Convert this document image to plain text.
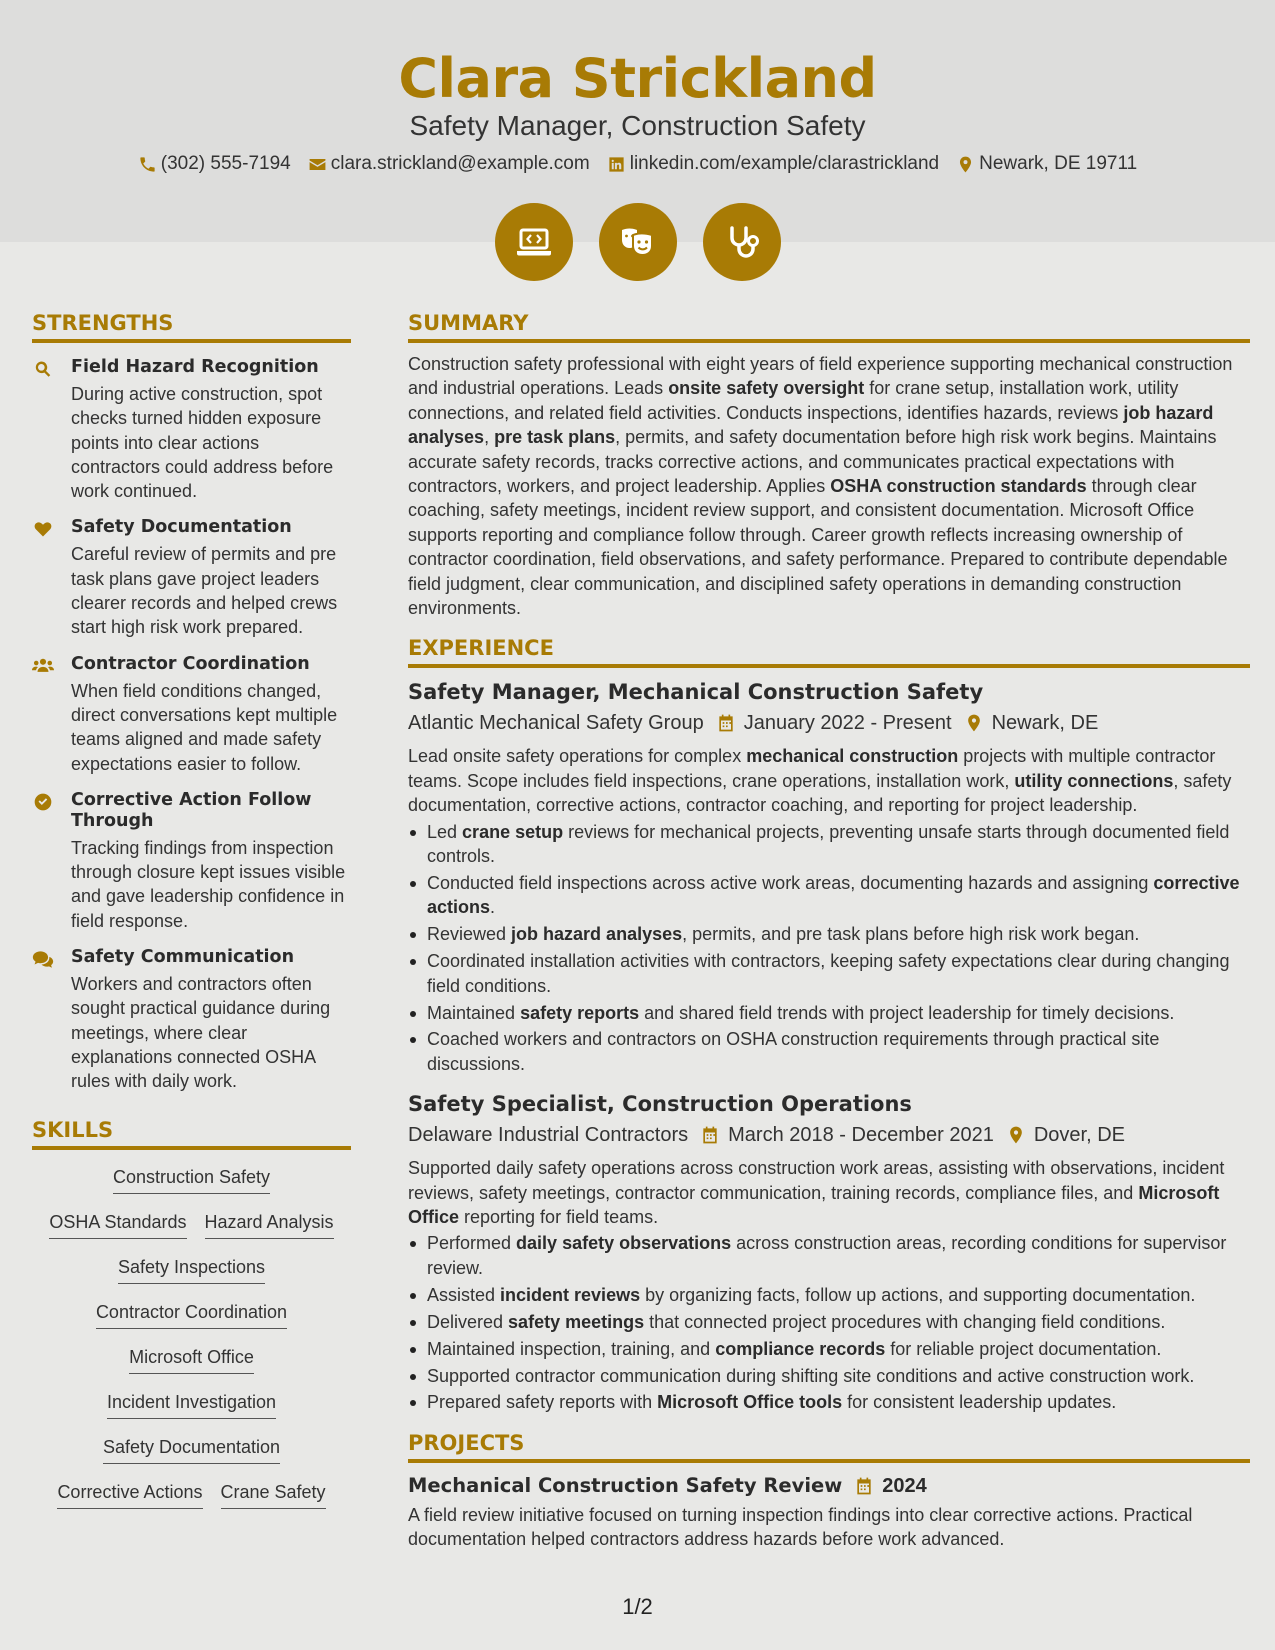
Clara Strickland
Safety Manager, Construction Safety
(302) 555-7194 clara.strickland@example.com linkedin.com/example/clarastrickland Newark, DE 19711
STRENGTHS
Field Hazard Recognition
During active construction, spot checks turned hidden exposure points into clear actions contractors could address before work continued.
Safety Documentation
Careful review of permits and pre task plans gave project leaders clearer records and helped crews start high risk work prepared.
Contractor Coordination
When field conditions changed, direct conversations kept multiple teams aligned and made safety expectations easier to follow.
Corrective Action Follow Through
Tracking findings from inspection through closure kept issues visible and gave leadership confidence in field response.
Safety Communication
Workers and contractors often sought practical guidance during meetings, where clear explanations connected OSHA rules with daily work.
SKILLS
Construction Safety
OSHA Standards Hazard Analysis
Safety Inspections
Contractor Coordination
Microsoft Office
Incident Investigation
Safety Documentation
Corrective Actions Crane Safety
SUMMARY
Construction safety professional with eight years of field experience supporting mechanical construction and industrial operations. Leads onsite safety oversight for crane setup, installation work, utility connections, and related field activities. Conducts inspections, identifies hazards, reviews job hazard analyses, pre task plans, permits, and safety documentation before high risk work begins. Maintains accurate safety records, tracks corrective actions, and communicates practical expectations with contractors, workers, and project leadership. Applies OSHA construction standards through clear coaching, safety meetings, incident review support, and consistent documentation. Microsoft Office supports reporting and compliance follow through. Career growth reflects increasing ownership of contractor coordination, field observations, and safety performance. Prepared to contribute dependable field judgment, clear communication, and disciplined safety operations in demanding construction environments.
EXPERIENCE
Safety Manager, Mechanical Construction Safety
Atlantic Mechanical Safety Group January 2022 - Present Newark, DE
Lead onsite safety operations for complex mechanical construction projects with multiple contractor teams. Scope includes field inspections, crane operations, installation work, utility connections, safety documentation, corrective actions, contractor coaching, and reporting for project leadership.
Led crane setup reviews for mechanical projects, preventing unsafe starts through documented field controls.
Conducted field inspections across active work areas, documenting hazards and assigning corrective actions.
Reviewed job hazard analyses, permits, and pre task plans before high risk work began.
Coordinated installation activities with contractors, keeping safety expectations clear during changing field conditions.
Maintained safety reports and shared field trends with project leadership for timely decisions.
Coached workers and contractors on OSHA construction requirements through practical site discussions.
Safety Specialist, Construction Operations
Delaware Industrial Contractors March 2018 - December 2021 Dover, DE
Supported daily safety operations across construction work areas, assisting with observations, incident reviews, safety meetings, contractor communication, training records, compliance files, and Microsoft Office reporting for field teams.
Performed daily safety observations across construction areas, recording conditions for supervisor review.
Assisted incident reviews by organizing facts, follow up actions, and supporting documentation.
Delivered safety meetings that connected project procedures with changing field conditions.
Maintained inspection, training, and compliance records for reliable project documentation.
Supported contractor communication during shifting site conditions and active construction work.
Prepared safety reports with Microsoft Office tools for consistent leadership updates.
PROJECTS
Mechanical Construction Safety Review 2024
A field review initiative focused on turning inspection findings into clear corrective actions. Practical documentation helped contractors address hazards before work advanced.
1/2
